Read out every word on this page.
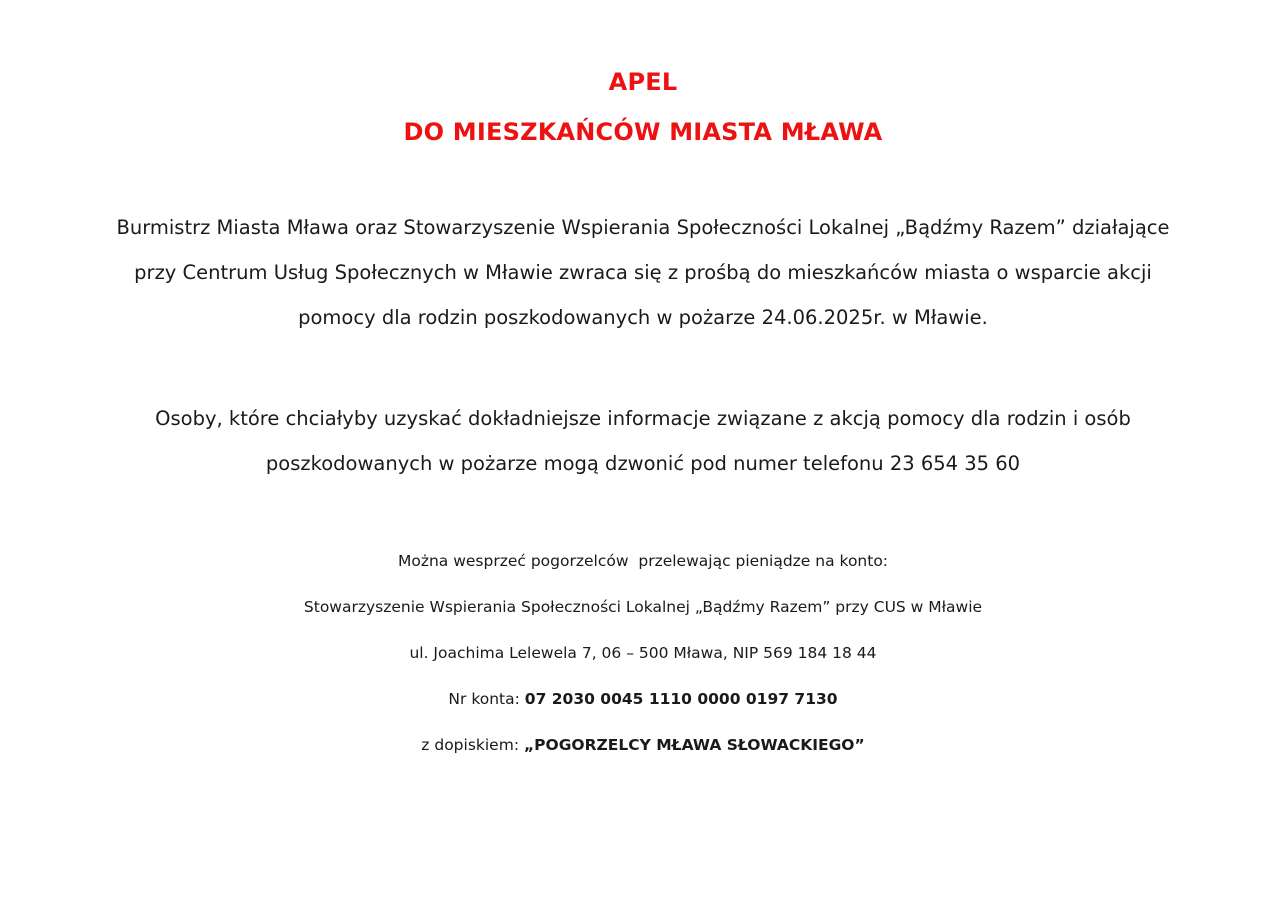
APEL
DO MIESZKAŃCÓW MIASTA MŁAWA
Burmistrz Miasta Mława oraz Stowarzyszenie Wspierania Społeczności Lokalnej „Bądźmy Razem” działające przy Centrum Usług Społecznych w Mławie zwraca się z prośbą do mieszkańców miasta o wsparcie akcji pomocy dla rodzin poszkodowanych w pożarze 24.06.2025r. w Mławie.
Osoby, które chciałyby uzyskać dokładniejsze informacje związane z akcją pomocy dla rodzin i osób poszkodowanych w pożarze mogą dzwonić pod numer telefonu 23 654 35 60
Można wesprzeć pogorzelców  przelewając pieniądze na konto:
Stowarzyszenie Wspierania Społeczności Lokalnej „Bądźmy Razem” przy CUS w Mławie
ul. Joachima Lelewela 7, 06 – 500 Mława, NIP 569 184 18 44
Nr konta: 07 2030 0045 1110 0000 0197 7130
z dopiskiem: „POGORZELCY MŁAWA SŁOWACKIEGO”
